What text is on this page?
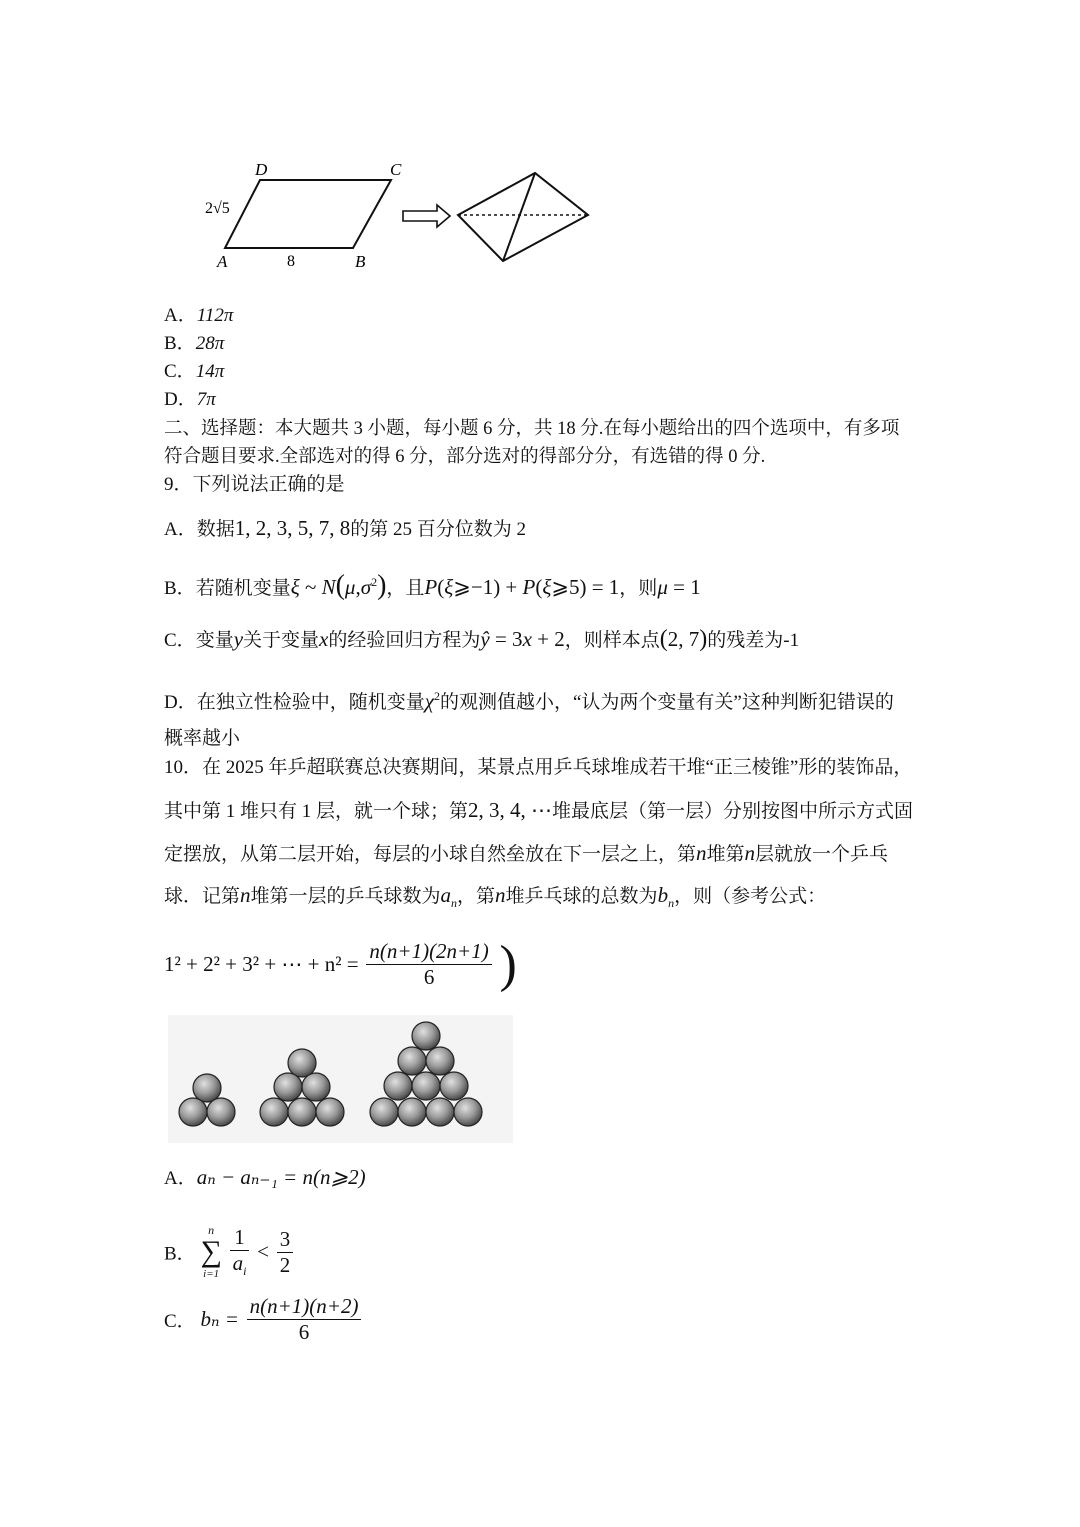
D	C
A	B
8
2√5
A．112π
B．28π
C．14π
D．7π
二、选择题：本大题共 3 小题，每小题 6 分，共 18 分.在每小题给出的四个选项中，有多项
符合题目要求.全部选对的得 6 分，部分选对的得部分分，有选错的得 0 分.
9．下列说法正确的是
A．数据1, 2, 3, 5, 7, 8的第 25 百分位数为 2
B．若随机变量ξ ~ $N(\mu,\sigma^2)$，且P(ξ⩾−1) + P(ξ⩾5) = 1，则μ = 1
C．变量y关于变量x的经验回归方程为ŷ = 3x + 2，则样本点(2, 7)的残差为-1
D．在独立性检验中，随机变量$\chi^2$的观测值越小，“认为两个变量有关”这种判断犯错误的
概率越小
10．在 2025 年乒超联赛总决赛期间，某景点用乒乓球堆成若干堆“正三棱锥”形的装饰品，
其中第 1 堆只有 1 层，就一个球；第2, 3, 4, ⋯堆最底层（第一层）分别按图中所示方式固
定摆放，从第二层开始，每层的小球自然垒放在下一层之上，第n堆第n层就放一个乒乓
球．记第n堆第一层的乒乓球数为$a_n$，第n堆乒乓球的总数为$b_n$，则（参考公式：
1² + 2² + 3² + ⋯ + $n^2 = \frac{n(n+1)(2n+1)}{6}$ )
A．aₙ − aₙ₋₁ = n(n⩾2)
B．
n
∑
i=1
$\frac{1}{a_i} < \frac{3}{2}$
C． $b_n = \frac{n(n+1)(n+2)}{6}$
